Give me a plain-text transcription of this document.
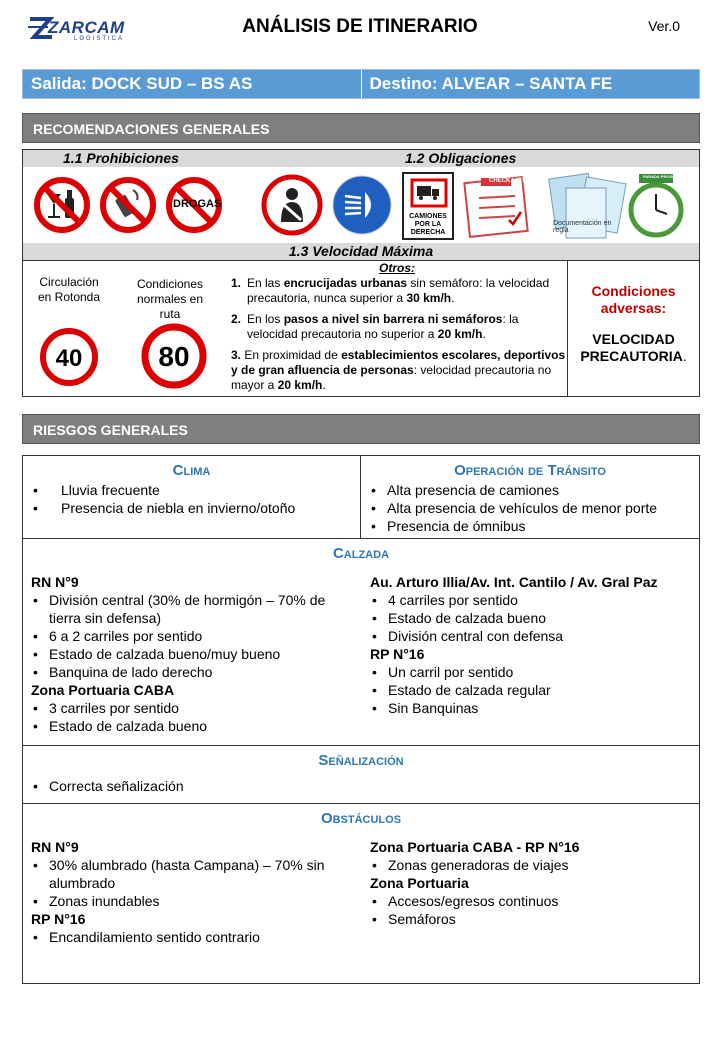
ZARCAM
LOGISTICA
ANÁLISIS DE ITINERARIO	Ver.0
Salida: DOCK SUD – BS AS	Destino: ALVEAR – SANTA FE
RECOMENDACIONES GENERALES
1.1 Prohibiciones	1.2 Obligaciones
DROGAS
CAMIONES POR LA DERECHA
CHECK LIST
Documentación en regla
PARADA PROGRAMADA
1.3 Velocidad Máxima
Circulación en Rotonda
40
Condiciones normales en ruta
80
Otros:
1. En las encrucijadas urbanas sin semáforo: la velocidad precautoria, nunca superior a 30 km/h.
2. En los pasos a nivel sin barrera ni semáforos: la velocidad precautoria no superior a 20 km/h.
3. En proximidad de establecimientos escolares, deportivos y de gran afluencia de personas: velocidad precautoria no mayor a 20 km/h.
Condiciones adversas:
VELOCIDAD PRECAUTORIA.
RIESGOS GENERALES
Clima
• Lluvia frecuente
• Presencia de niebla en invierno/otoño
Operación de Tránsito
• Alta presencia de camiones
• Alta presencia de vehículos de menor porte
• Presencia de ómnibus
Calzada
RN N°9
• División central (30% de hormigón – 70% de tierra sin defensa)
• 6 a 2 carriles por sentido
• Estado de calzada bueno/muy bueno
• Banquina de lado derecho
Zona Portuaria CABA
• 3 carriles por sentido
• Estado de calzada bueno
Au. Arturo Illia/Av. Int. Cantilo / Av. Gral Paz
• 4 carriles por sentido
• Estado de calzada bueno
• División central con defensa
RP N°16
• Un carril por sentido
• Estado de calzada regular
• Sin Banquinas
Señalización
• Correcta señalización
Obstáculos
RN N°9
• 30% alumbrado (hasta Campana) – 70% sin alumbrado
• Zonas inundables
RP N°16
• Encandilamiento sentido contrario
Zona Portuaria CABA - RP N°16
• Zonas generadoras de viajes
Zona Portuaria
• Accesos/egresos continuos
• Semáforos
